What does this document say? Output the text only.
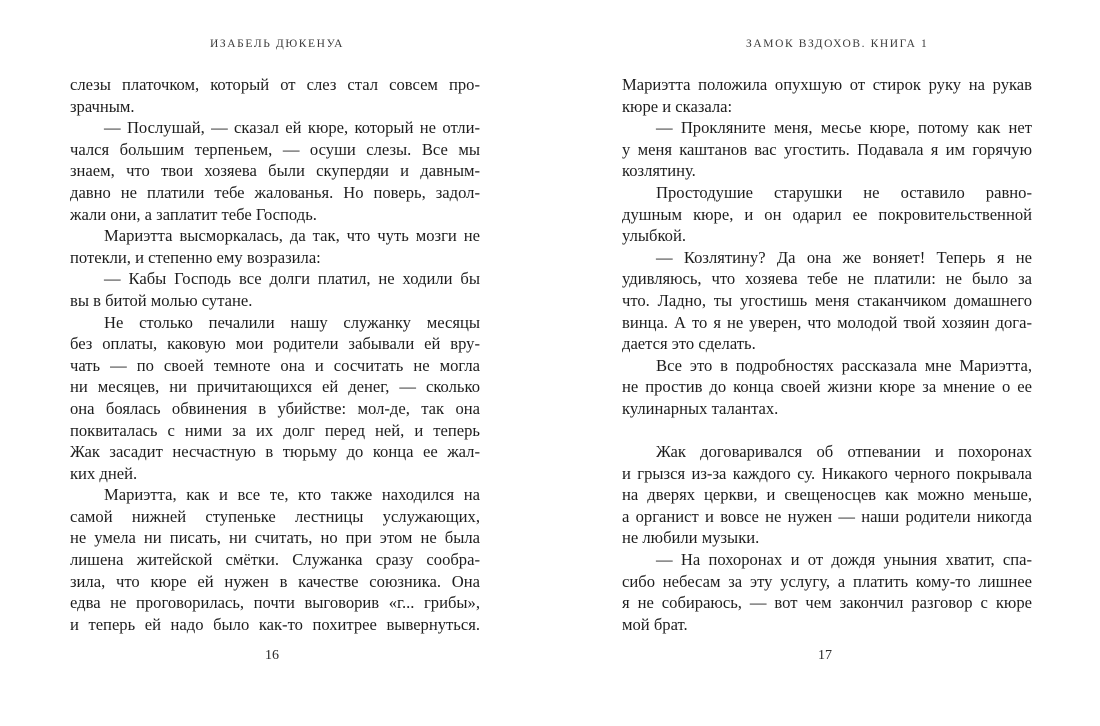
ИЗАБЕЛЬ ДЮКЕНУА
слезы платочком, который от слез стал совсем про-
зрачным.
— Послушай, — сказал ей кюре, который не отли-
чался большим терпеньем, — осуши слезы. Все мы
знаем, что твои хозяева были скупердяи и давным-
давно не платили тебе жалованья. Но поверь, задол-
жали они, а заплатит тебе Господь.
Мариэтта высморкалась, да так, что чуть мозги не
потекли, и степенно ему возразила:
— Кабы Господь все долги платил, не ходили бы
вы в битой молью сутане.
Не столько печалили нашу служанку месяцы
без оплаты, каковую мои родители забывали ей вру-
чать — по своей темноте она и сосчитать не могла
ни месяцев, ни причитающихся ей денег, — сколько
она боялась обвинения в убийстве: мол-де, так она
поквиталась с ними за их долг перед ней, и теперь
Жак засадит несчастную в тюрьму до конца ее жал-
ких дней.
Мариэтта, как и все те, кто также находился на
самой нижней ступеньке лестницы услужающих,
не умела ни писать, ни считать, но при этом не была
лишена житейской смётки. Служанка сразу сообра-
зила, что кюре ей нужен в качестве союзника. Она
едва не проговорилась, почти выговорив «г... грибы»,
и теперь ей надо было как-то похитрее вывернуться.
16
ЗАМОК ВЗДОХОВ. КНИГА 1
Мариэтта положила опухшую от стирок руку на рукав
кюре и сказала:
— Прокляните меня, месье кюре, потому как нет
у меня каштанов вас угостить. Подавала я им горячую
козлятину.
Простодушие старушки не оставило равно-
душным кюре, и он одарил ее покровительственной
улыбкой.
— Козлятину? Да она же воняет! Теперь я не
удивляюсь, что хозяева тебе не платили: не было за
что. Ладно, ты угостишь меня стаканчиком домашнего
винца. А то я не уверен, что молодой твой хозяин дога-
дается это сделать.
Все это в подробностях рассказала мне Мариэтта,
не простив до конца своей жизни кюре за мнение о ее
кулинарных талантах.
Жак договаривался об отпевании и похоронах
и грызся из-за каждого су. Никакого черного покрывала
на дверях церкви, и свещеносцев как можно меньше,
а органист и вовсе не нужен — наши родители никогда
не любили музыки.
— На похоронах и от дождя уныния хватит, спа-
сибо небесам за эту услугу, а платить кому-то лишнее
я не собираюсь, — вот чем закончил разговор с кюре
мой брат.
17
